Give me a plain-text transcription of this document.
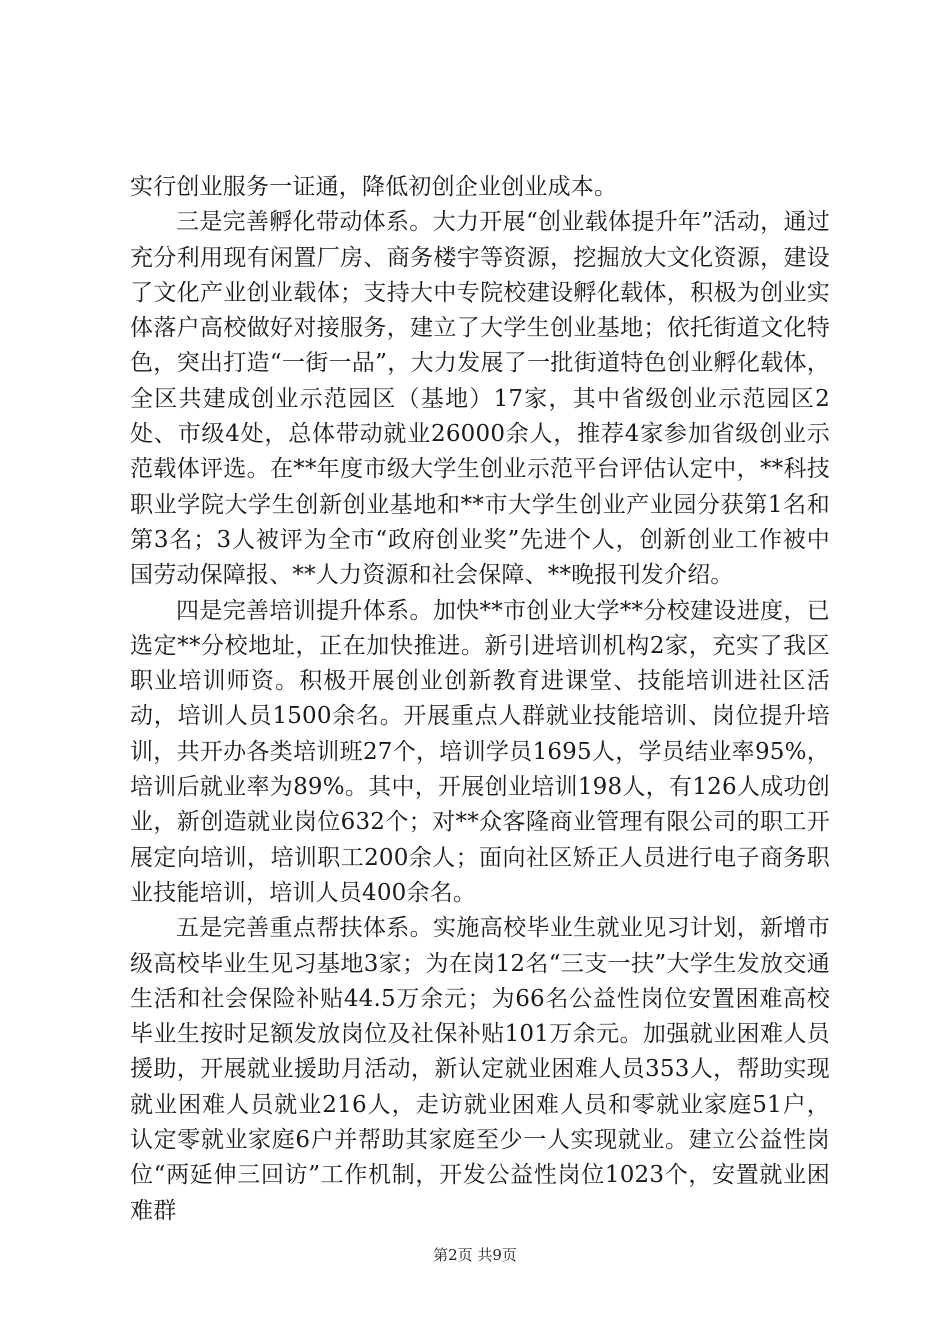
实行创业服务一证通，降低初创企业创业成本。

三是完善孵化带动体系。大力开展“创业载体提升年”活动，通过充分利用现有闲置厂房、商务楼宇等资源，挖掘放大文化资源，建设了文化产业创业载体；支持大中专院校建设孵化载体，积极为创业实体落户高校做好对接服务，建立了大学生创业基地；依托街道文化特色，突出打造“一街一品”，大力发展了一批街道特色创业孵化载体，全区共建成创业示范园区（基地）17家，其中省级创业示范园区2处、市级4处，总体带动就业26000余人，推荐4家参加省级创业示范载体评选。在**年度市级大学生创业示范平台评估认定中，**科技职业学院大学生创新创业基地和**市大学生创业产业园分获第1名和第3名；3人被评为全市“政府创业奖”先进个人，创新创业工作被中国劳动保障报、**人力资源和社会保障、**晚报刊发介绍。

四是完善培训提升体系。加快**市创业大学**分校建设进度，已选定**分校地址，正在加快推进。新引进培训机构2家，充实了我区职业培训师资。积极开展创业创新教育进课堂、技能培训进社区活动，培训人员1500余名。开展重点人群就业技能培训、岗位提升培训，共开办各类培训班27个，培训学员1695人，学员结业率95%，培训后就业率为89%。其中，开展创业培训198人，有126人成功创业，新创造就业岗位632个；对**众客隆商业管理有限公司的职工开展定向培训，培训职工200余人；面向社区矫正人员进行电子商务职业技能培训，培训人员400余名。

五是完善重点帮扶体系。实施高校毕业生就业见习计划，新增市级高校毕业生见习基地3家；为在岗12名“三支一扶”大学生发放交通生活和社会保险补贴44.5万余元；为66名公益性岗位安置困难高校毕业生按时足额发放岗位及社保补贴101万余元。加强就业困难人员援助，开展就业援助月活动，新认定就业困难人员353人，帮助实现就业困难人员就业216人，走访就业困难人员和零就业家庭51户，认定零就业家庭6户并帮助其家庭至少一人实现就业。建立公益性岗位“两延伸三回访”工作机制，开发公益性岗位1023个，安置就业困难群

第2页 共9页
